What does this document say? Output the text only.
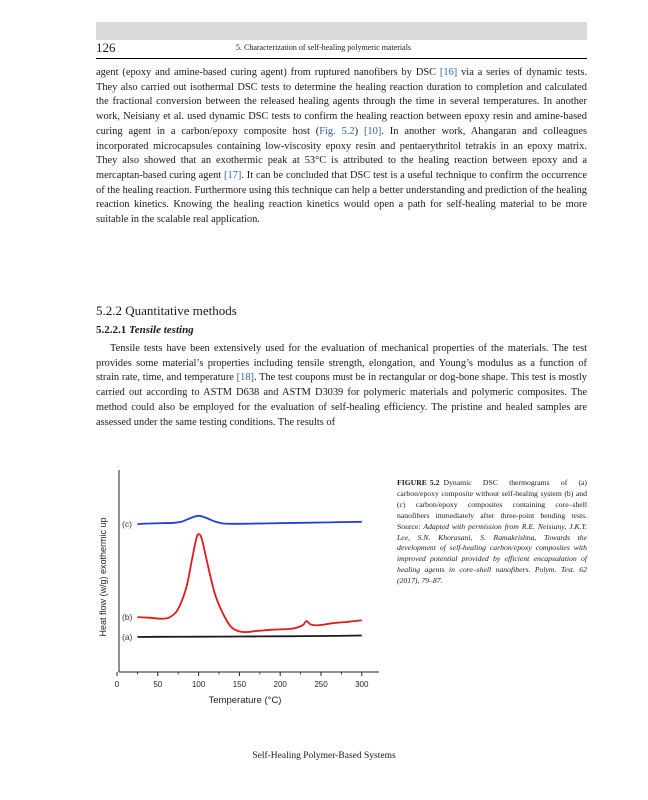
126	5. Characterization of self-healing polymeric materials
agent (epoxy and amine-based curing agent) from ruptured nanofibers by DSC [16] via a series of dynamic tests. They also carried out isothermal DSC tests to determine the healing reaction duration to completion and calculated the fractional conversion between the released healing agents through the time in several temperatures. In another work, Neisiany et al. used dynamic DSC tests to confirm the healing reaction between epoxy resin and amine-based curing agent in a carbon/epoxy composite host (Fig. 5.2) [10]. In another work, Ahangaran and colleagues incorporated microcapsules containing low-viscosity epoxy resin and pentaerythritol tetrakis in an epoxy matrix. They also showed that an exothermic peak at 53°C is attributed to the healing reaction between epoxy and a mercaptan-based curing agent [17]. It can be concluded that DSC test is a useful technique to confirm the occurrence of the healing reaction. Furthermore using this technique can help a better understanding and prediction of the healing reaction kinetics. Knowing the healing reaction kinetics would open a path for self-healing material to be more suitable in the scalable real application.
5.2.2 Quantitative methods
5.2.2.1 Tensile testing
Tensile tests have been extensively used for the evaluation of mechanical properties of the materials. The test provides some material’s properties including tensile strength, elongation, and Young’s modulus as a function of strain rate, time, and temperature [18]. The test coupons must be in rectangular or dog-bone shape. This test is mostly carried out according to ASTM D638 and ASTM D3039 for polymeric materials and polymeric composites. The method could also be employed for the evaluation of self-healing efficiency. The pristine and healed samples are assessed under the same testing conditions. The results of
0	50	100	150	200	250	300
Temperature (°C)
Heat flow (w/g) exothermic up
(a)
(b)
(c)
FIGURE 5.2 Dynamic DSC thermograms of (a) carbon/epoxy composite without self-healing system (b) and (c) carbon/epoxy composites containing core–shell nanofibers immediately after three-point bending tests. Source: Adapted with permission from R.E. Neisiany, J.K.Y. Lee, S.N. Khorasani, S. Ramakrishna, Towards the development of self-healing carbon/epoxy composites with improved potential provided by efficient encapsulation of healing agents in core–shell nanofibers. Polym. Test. 62 (2017), 79–87.
Self-Healing Polymer-Based Systems
